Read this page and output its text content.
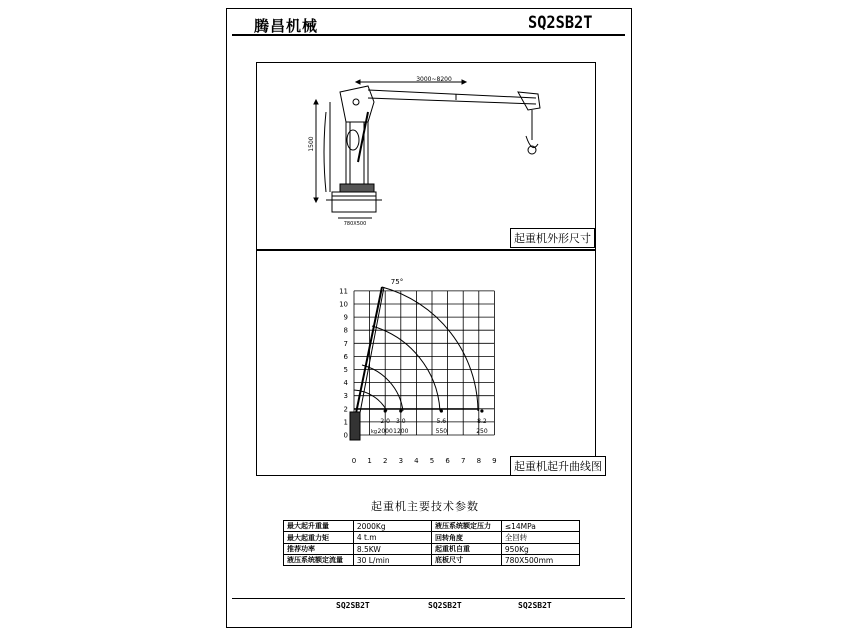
腾昌机械	SQ2SB2T
3000~8200
1500
780X500
起重机外形尺寸
0
1
2
3
4
5
6
7
8
9
10
11
0 1 2 3 4 5 6 7 8 9
75°
kg
2.0
2000
3.0
1200
5.6
550
8.2
250
起重机起升曲线图
起重机主要技术参数
最大起升重量	2000Kg	液压系统额定压力	≤14MPa
最大起重力矩	4 t.m	回转角度	全回转
推荐功率	8.5KW	起重机自重	950Kg
液压系统额定流量	30 L/min	底板尺寸	780X500mm
SQ2SB2T	SQ2SB2T	SQ2SB2T
